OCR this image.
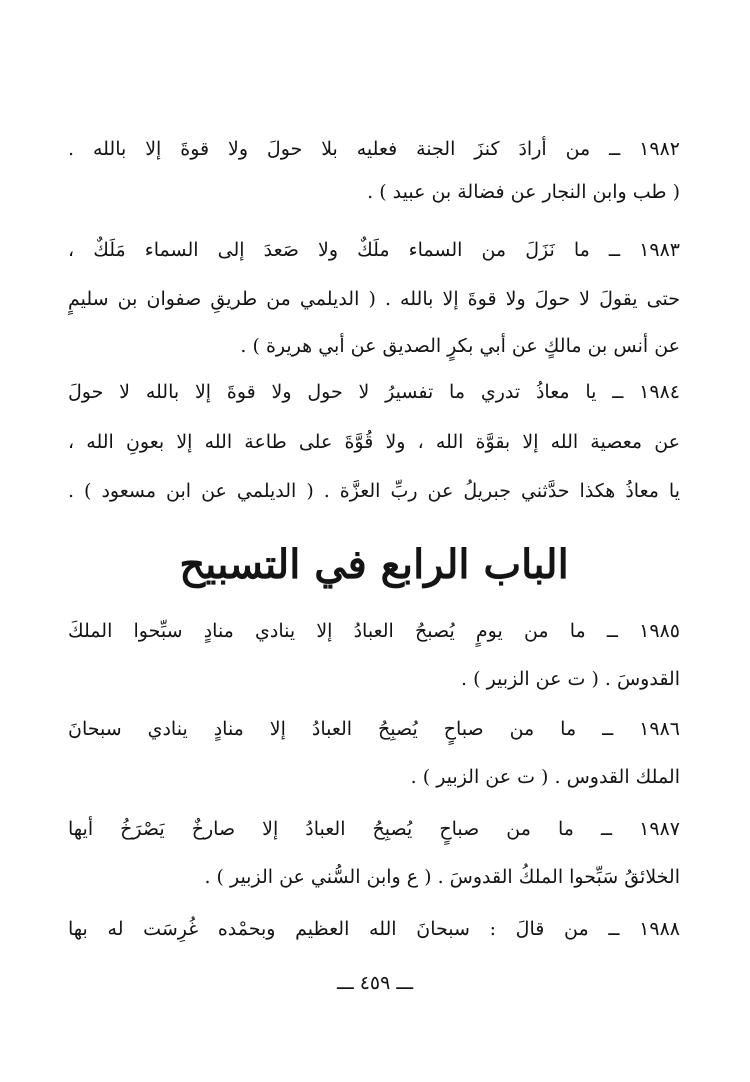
١٩٨٢ ــ من أرادَ كنزَ الجنة فعليه بلا حولَ ولا قوةَ إلا بالله .
( طب وابن النجار عن فضالة بن عبيد ) .
١٩٨٣ ــ ما نَزَلَ من السماء ملَكٌ ولا صَعدَ إلى السماء مَلَكٌ ،
حتى يقولَ لا حولَ ولا قوةَ إلا بالله . ( الديلمي من طريقِ صفوان بن سليمٍ
عن أنس بن مالكٍ عن أبي بكرٍ الصديق عن أبي هريرة ) .
١٩٨٤ ــ يا معاذُ تدري ما تفسيرُ لا حول ولا قوةَ إلا بالله لا حولَ
عن معصية الله إلا بقوَّة الله ، ولا قُوَّةَ على طاعة الله إلا بعونِ الله ،
يا معاذُ هكذا حدَّثني جبريلُ عن ربِّ العزَّة . ( الديلمي عن ابن مسعود ) .
الباب الرابع في التسبيح
١٩٨٥ ــ ما من يومٍ يُصبحُ العبادُ إلا ينادي منادٍ سبِّحوا الملكَ
القدوسَ . ( ت عن الزبير ) .
١٩٨٦ ــ ما من صباحٍ يُصبِحُ العبادُ إلا منادٍ ينادي سبحانَ
الملك القدوس . ( ت عن الزبير ) .
١٩٨٧ ــ ما من صباحٍ يُصبِحُ العبادُ إلا صارخٌ يَصْرَخُ أيها
الخلائقُ سَبِّحوا الملكُ القدوسَ . ( ع وابن السُّني عن الزبير ) .
١٩٨٨ ــ من قالَ : سبحانَ الله العظيم وبحمْده غُرِسَت له بها
ـــ ٤٥٩ ـــ
